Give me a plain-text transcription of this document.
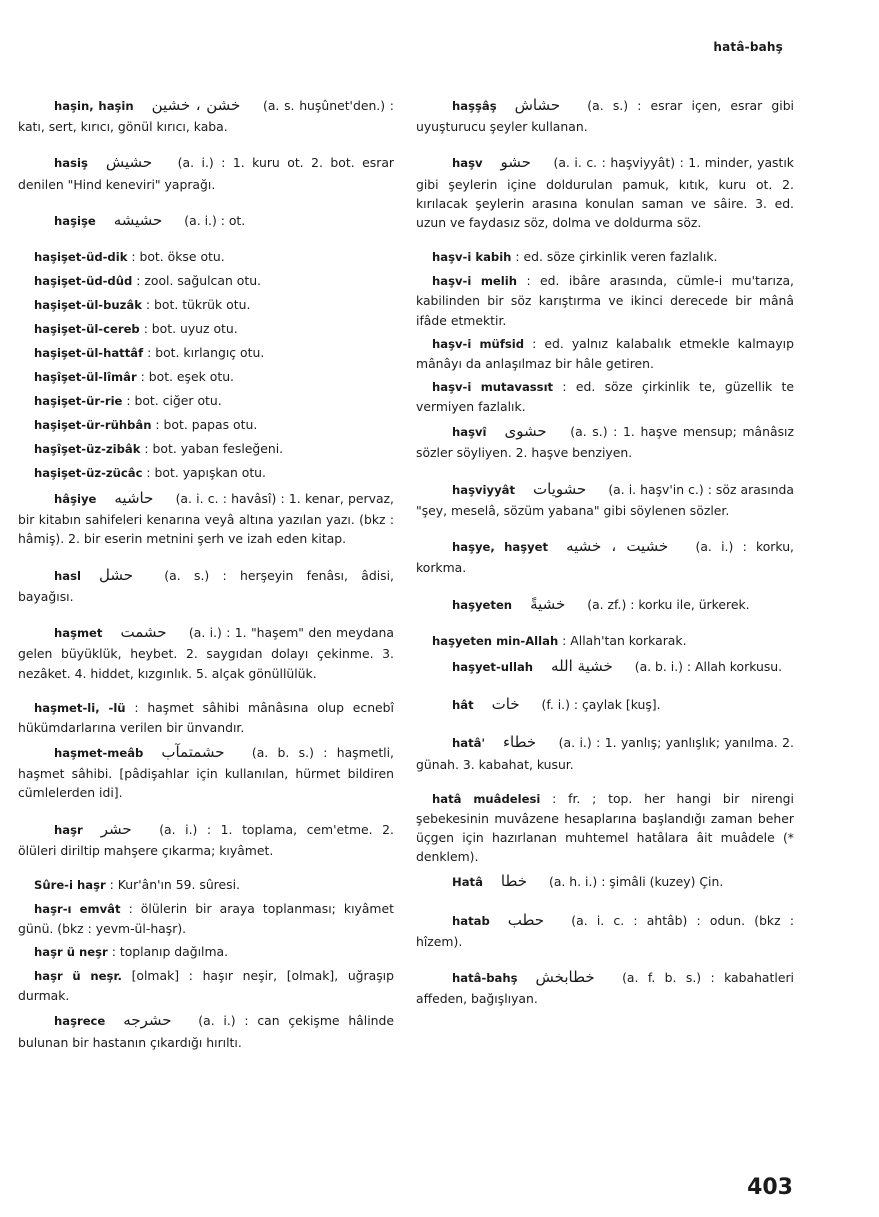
hatâ-bahş

haşin, haşin خشن ، خشين (a. s. huşûnet'den.) : katı, sert, kırıcı, gönül kırıcı, kaba.

hasiş حشيش (a. i.) : 1. kuru ot. 2. bot. esrar denilen "Hind keneviri" yaprağı.

haşişe حشيشه (a. i.) : ot.

haşişet-üd-dik : bot. ökse otu.

haşişet-üd-dûd : zool. sağulcan otu.

haşişet-ül-buzâk : bot. tükrük otu.

haşişet-ül-cereb : bot. uyuz otu.

haşişet-ül-hattâf : bot. kırlangıç otu.

haşîşet-ül-lîmâr : bot. eşek otu.

haşişet-ür-rie : bot. ciğer otu.

haşişet-ür-rühbân : bot. papas otu.

haşîşet-üz-zibâk : bot. yaban fesleğeni.

haşişet-üz-zücâc : bot. yapışkan otu.

hâşiye حاشيه (a. i. c. : havâsî) : 1. kenar, pervaz, bir kitabın sahifeleri kenarına veyâ altına yazılan yazı. (bkz : hâmiş). 2. bir eserin metnini şerh ve izah eden kitap.

hasl حشل (a. s.) : herşeyin fenâsı, âdisi, bayağısı.

haşmet حشمت (a. i.) : 1. "haşem" den meydana gelen büyüklük, heybet. 2. saygıdan dolayı çekinme. 3. nezâket. 4. hiddet, kızgınlık. 5. alçak gönüllülük.

haşmet-li, -lü : haşmet sâhibi mânâsına olup ecnebî hükümdarlarına verilen bir ünvandır.

haşmet-meâb حشمتمآب (a. b. s.) : haşmetli, haşmet sâhibi. [pâdişahlar için kullanılan, hürmet bildiren cümlelerden idi].

haşr حشر (a. i.) : 1. toplama, cem'etme. 2. ölüleri diriltip mahşere çıkarma; kıyâmet.

Sûre-i haşr : Kur'ân'ın 59. sûresi.

haşr-ı emvât : ölülerin bir araya toplanması; kıyâmet günü. (bkz : yevm-ül-haşr).

haşr ü neşr : toplanıp dağılma.

haşr ü neşr. [olmak] : haşır neşir, [olmak], uğraşıp durmak.

haşrece حشرجه (a. i.) : can çekişme hâlinde bulunan bir hastanın çıkardığı hırıltı.

haşşâş حشاش (a. s.) : esrar içen, esrar gibi uyuşturucu şeyler kullanan.

haşv حشو (a. i. c. : haşviyyât) : 1. minder, yastık gibi şeylerin içine doldurulan pamuk, kıtık, kuru ot. 2. kırılacak şeylerin arasına konulan saman ve sâire. 3. ed. uzun ve faydasız söz, dolma ve doldurma söz.

haşv-i kabih : ed. söze çirkinlik veren fazlalık.

haşv-i melih : ed. ibâre arasında, cümle-i mu'tarıza, kabilinden bir söz karıştırma ve ikinci derecede bir mânâ ifâde etmektir.

haşv-i müfsid : ed. yalnız kalabalık etmekle kalmayıp mânâyı da anlaşılmaz bir hâle getiren.

haşv-i mutavassıt : ed. söze çirkinlik te, güzellik te vermiyen fazlalık.

haşvî حشوى (a. s.) : 1. haşve mensup; mânâsız sözler söyliyen. 2. haşve benziyen.

haşviyyât حشويات (a. i. haşv'in c.) : söz arasında "şey, meselâ, sözüm yabana" gibi söylenen sözler.

haşye, haşyet خشيت ، خشيه (a. i.) : korku, korkma.

haşyeten خشيةً (a. zf.) : korku ile, ürkerek.

haşyeten min-Allah : Allah'tan korkarak.

haşyet-ullah خشية الله (a. b. i.) : Allah korkusu.

hât خات (f. i.) : çaylak [kuş].

hatâ' خطاء (a. i.) : 1. yanlış; yanlışlık; yanılma. 2. günah. 3. kabahat, kusur.

hatâ muâdelesi : fr. ; top. her hangi bir nirengi şebekesinin muvâzene hesaplarına başlandığı zaman beher üçgen için hazırlanan muhtemel hatâlara âit muâdele (* denklem).

Hatâ خطا (a. h. i.) : şimâli (kuzey) Çin.

hatab حطب (a. i. c. : ahtâb) : odun. (bkz : hîzem).

hatâ-bahş خطابخش (a. f. b. s.) : kabahatleri affeden, bağışlıyan.

403
